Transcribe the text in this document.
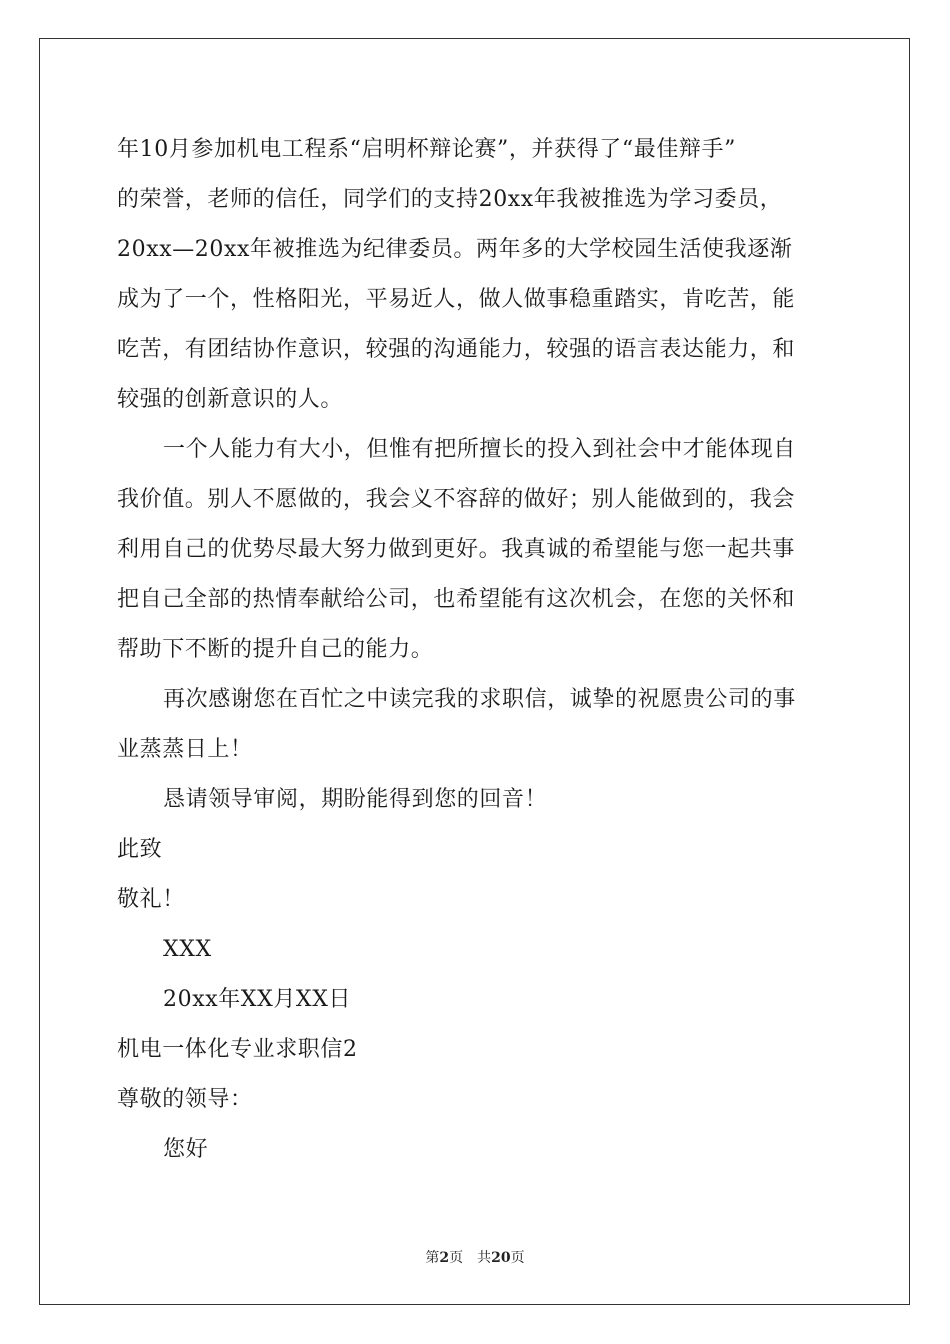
年10月参加机电工程系“启明杯辩论赛”，并获得了“最佳辩手”
的荣誉，老师的信任，同学们的支持20xx年我被推选为学习委员，
20xx—20xx年被推选为纪律委员。两年多的大学校园生活使我逐渐
成为了一个，性格阳光，平易近人，做人做事稳重踏实，肯吃苦，能
吃苦，有团结协作意识，较强的沟通能力，较强的语言表达能力，和
较强的创新意识的人。
一个人能力有大小，但惟有把所擅长的投入到社会中才能体现自
我价值。别人不愿做的，我会义不容辞的做好；别人能做到的，我会
利用自己的优势尽最大努力做到更好。我真诚的希望能与您一起共事
把自己全部的热情奉献给公司，也希望能有这次机会，在您的关怀和
帮助下不断的提升自己的能力。
再次感谢您在百忙之中读完我的求职信，诚挚的祝愿贵公司的事
业蒸蒸日上！
恳请领导审阅，期盼能得到您的回音！
此致
敬礼！
XXX
20xx年XX月XX日
机电一体化专业求职信2
尊敬的领导：
您好
第2页 共20页
